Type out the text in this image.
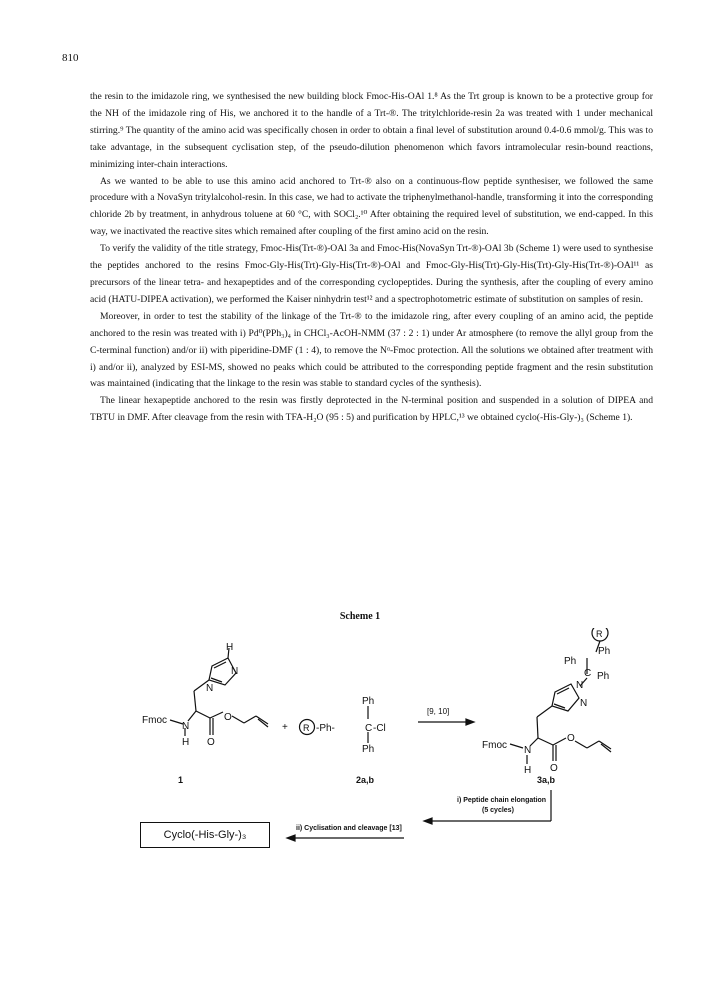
810

the resin to the imidazole ring, we synthesised the new building block Fmoc-His-OAl 1.⁸ As the Trt group is known to be a protective group for the NH of the imidazole ring of His, we anchored it to the handle of a Trt-®. The tritylchloride-resin 2a was treated with 1 under mechanical stirring.⁹ The quantity of the amino acid was specifically chosen in order to obtain a final level of substitution around 0.4-0.6 mmol/g. This was to take advantage, in the subsequent cyclisation step, of the pseudo-dilution phenomenon which favors intramolecular resin-bound reactions, minimizing inter-chain interactions.

As we wanted to be able to use this amino acid anchored to Trt-® also on a continuous-flow peptide synthesiser, we followed the same procedure with a NovaSyn tritylalcohol-resin. In this case, we had to activate the triphenylmethanol-handle, transforming it into the corresponding chloride 2b by treatment, in anhydrous toluene at 60 °C, with SOCl₂.¹⁰ After obtaining the required level of substitution, we end-capped. In this way, we inactivated the reactive sites which remained after coupling of the first amino acid on the resin.

To verify the validity of the title strategy, Fmoc-His(Trt-®)-OAl 3a and Fmoc-His(NovaSyn Trt-®)-OAl 3b (Scheme 1) were used to synthesise the peptides anchored to the resins Fmoc-Gly-His(Trt)-Gly-His(Trt-®)-OAl and Fmoc-Gly-His(Trt)-Gly-His(Trt)-Gly-His(Trt-®)-OAl¹¹ as precursors of the linear tetra- and hexapeptides and of the corresponding cyclopeptides. During the synthesis, after the coupling of every amino acid (HATU-DIPEA activation), we performed the Kaiser ninhydrin test¹² and a spectrophotometric estimate of substitution on samples of resin.

Moreover, in order to test the stability of the linkage of the Trt-® to the imidazole ring, after every coupling of an amino acid, the peptide anchored to the resin was treated with i) Pd⁰(PPh₃)₄ in CHCl₃-AcOH-NMM (37 : 2 : 1) under Ar atmosphere (to remove the allyl group from the C-terminal function) and/or ii) with piperidine-DMF (1 : 4), to remove the Nᵅ-Fmoc protection. All the solutions we obtained after treatment with i) and/or ii), analyzed by ESI-MS, showed no peaks which could be attributed to the corresponding peptide fragment and the resin substitution was maintained (indicating that the linkage to the resin was stable to standard cycles of the synthesis).

The linear hexapeptide anchored to the resin was firstly deprotected in the N-terminal position and suspended in a solution of DIPEA and TBTU in DMF. After cleavage from the resin with TFA-H₂O (95 : 5) and purification by HPLC,¹³ we obtained cyclo(-His-Gly-)₃ (Scheme 1).

Scheme 1
H
N
N
Fmoc
N
O
H O
+ R -Ph-
Ph
C -Cl
Ph
[9, 10]
R
Ph
Ph
C Ph
N
N
Fmoc N
O
H O
1	2a,b	3a,b
i) Peptide chain elongation
(5 cycles)
ii) Cyclisation and cleavage [13]
Cyclo(-His-Gly-)₃
